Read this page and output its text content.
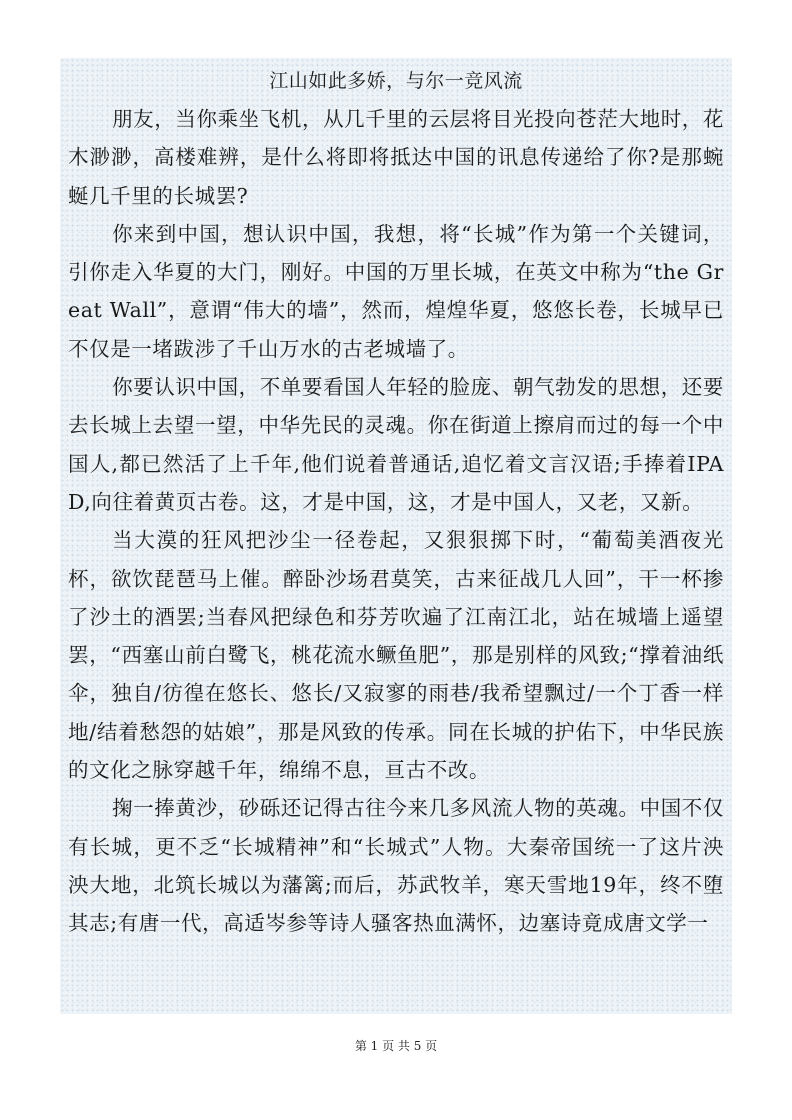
江山如此多娇，与尔一竞风流

朋友，当你乘坐飞机，从几千里的云层将目光投向苍茫大地时，花木渺渺，高楼难辨，是什么将即将抵达中国的讯息传递给了你?是那蜿蜒几千里的长城罢?

你来到中国，想认识中国，我想，将“长城”作为第一个关键词，引你走入华夏的大门，刚好。中国的万里长城，在英文中称为“the Great Wall”，意谓“伟大的墙”，然而，煌煌华夏，悠悠长卷，长城早已不仅是一堵跋涉了千山万水的古老城墙了。

你要认识中国，不单要看国人年轻的脸庞、朝气勃发的思想，还要去长城上去望一望，中华先民的灵魂。你在街道上擦肩而过的每一个中国人,都已然活了上千年,他们说着普通话,追忆着文言汉语;手捧着IPAD,向往着黄页古卷。这，才是中国，这，才是中国人，又老，又新。

当大漠的狂风把沙尘一径卷起，又狠狠掷下时，“葡萄美酒夜光杯，欲饮琵琶马上催。醉卧沙场君莫笑，古来征战几人回”，干一杯掺了沙土的酒罢;当春风把绿色和芬芳吹遍了江南江北，站在城墙上遥望罢，“西塞山前白鹭飞，桃花流水鳜鱼肥”，那是别样的风致;“撑着油纸伞，独自/彷徨在悠长、悠长/又寂寥的雨巷/我希望飘过/一个丁香一样地/结着愁怨的姑娘”，那是风致的传承。同在长城的护佑下，中华民族的文化之脉穿越千年，绵绵不息，亘古不改。

掬一捧黄沙，砂砾还记得古往今来几多风流人物的英魂。中国不仅有长城，更不乏“长城精神”和“长城式”人物。大秦帝国统一了这片泱泱大地，北筑长城以为藩篱;而后，苏武牧羊，寒天雪地19年，终不堕其志;有唐一代，高适岑参等诗人骚客热血满怀，边塞诗竟成唐文学一

第 1 页 共 5 页
